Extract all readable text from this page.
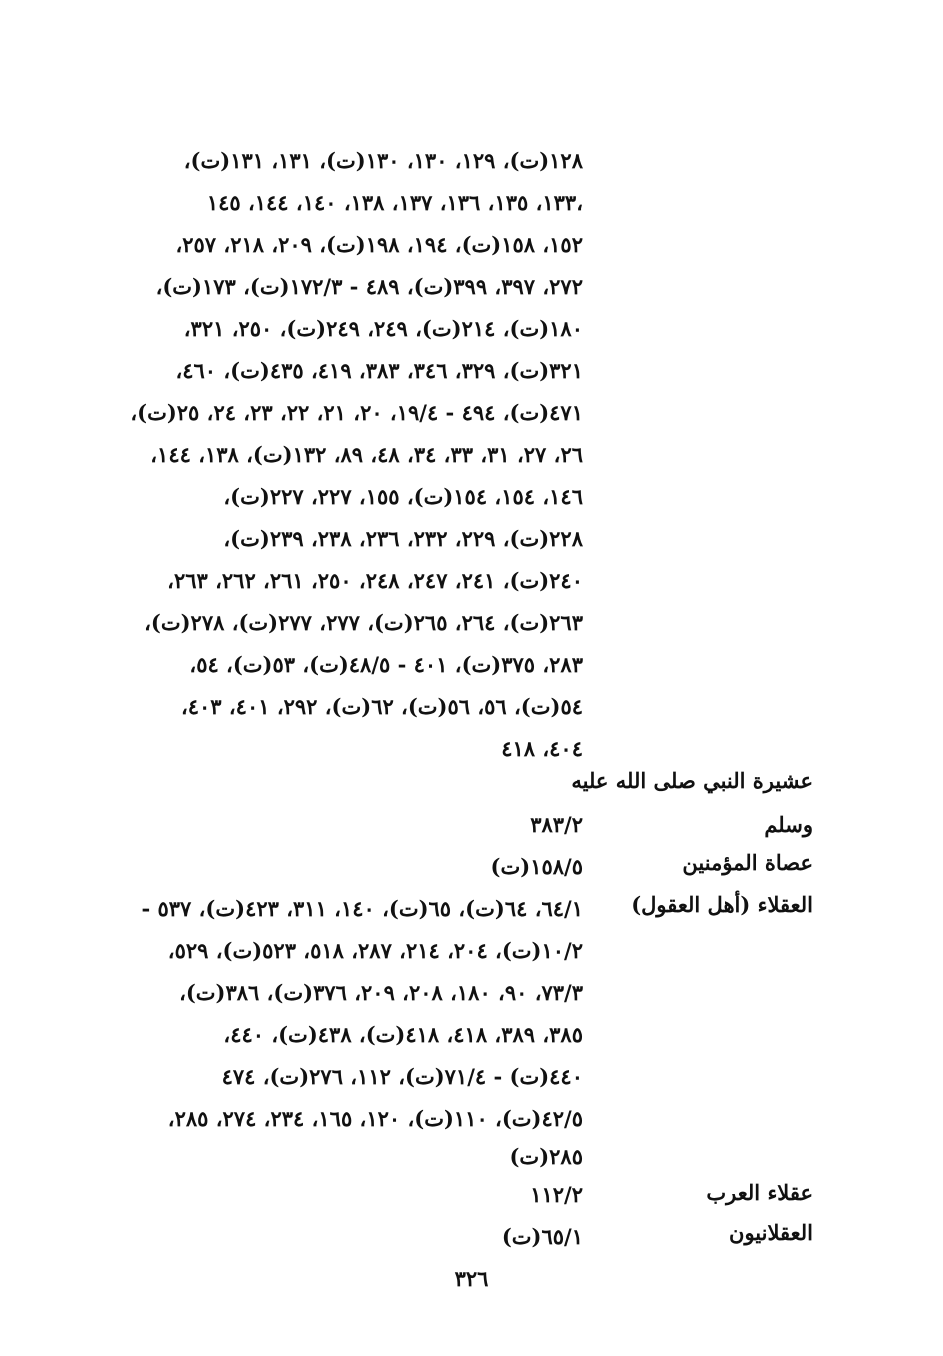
١٢٨(ت)، ١٢٩، ١٣٠، ١٣٠(ت)، ١٣١، ١٣١(ت)،
١٣٣، ١٣٥، ١٣٦، ١٣٧، ١٣٨، ١٤٠، ١٤٤، ١٤٥،
١٥٢، ١٥٨(ت)، ١٩٤، ١٩٨(ت)، ٢٠٩، ٢١٨، ٢٥٧،
٢٧٢، ٣٩٧، ٣٩٩(ت)، ٤٨٩ - ١٧٢/٣(ت)، ١٧٣(ت)،
١٨٠(ت)، ٢١٤(ت)، ٢٤٩، ٢٤٩(ت)، ٢٥٠، ٣٢١،
٣٢١(ت)، ٣٢٩، ٣٤٦، ٣٨٣، ٤١٩، ٤٣٥(ت)، ٤٦٠،
٤٧١(ت)، ٤٩٤ - ١٩/٤، ٢٠، ٢١، ٢٢، ٢٣، ٢٤، ٢٥(ت)،
٢٦، ٢٧، ٣١، ٣٣، ٣٤، ٤٨، ٨٩، ١٣٢(ت)، ١٣٨، ١٤٤،
١٤٦، ١٥٤، ١٥٤(ت)، ١٥٥، ٢٢٧، ٢٢٧(ت)،
٢٢٨(ت)، ٢٢٩، ٢٣٢، ٢٣٦، ٢٣٨، ٢٣٩(ت)،
٢٤٠(ت)، ٢٤١، ٢٤٧، ٢٤٨، ٢٥٠، ٢٦١، ٢٦٢، ٢٦٣،
٢٦٣(ت)، ٢٦٤، ٢٦٥(ت)، ٢٧٧، ٢٧٧(ت)، ٢٧٨(ت)،
٢٨٣، ٣٧٥(ت)، ٤٠١ - ٤٨/٥(ت)، ٥٣(ت)، ٥٤،
٥٤(ت)، ٥٦، ٥٦(ت)، ٦٢(ت)، ٢٩٢، ٤٠١، ٤٠٣،
٤٠٤، ٤١٨
عشيرة النبي صلى الله عليه
وسلم
٣٨٣/٢
عصاة المؤمنين
١٥٨/٥(ت)
العقلاء (أهل العقول)
٦٤/١، ٦٤(ت)، ٦٥(ت)، ١٤٠، ٣١١، ٤٢٣(ت)، ٥٣٧ -
١٠/٢(ت)، ٢٠٤، ٢١٤، ٢٨٧، ٥١٨، ٥٢٣(ت)، ٥٢٩،
٧٣/٣، ٩٠، ١٨٠، ٢٠٨، ٢٠٩، ٣٧٦(ت)، ٣٨٦(ت)،
٣٨٥، ٣٨٩، ٤١٨، ٤١٨(ت)، ٤٣٨(ت)، ٤٤٠،
٤٤٠(ت) - ٧١/٤(ت)، ١١٢، ٢٧٦(ت)، ٤٧٤
٤٢/٥(ت)، ١١٠(ت)، ١٢٠، ١٦٥، ٢٣٤، ٢٧٤، ٢٨٥،
٢٨٥(ت)
عقلاء العرب
١١٢/٢
العقلانيون
٦٥/١(ت)
٣٢٦
